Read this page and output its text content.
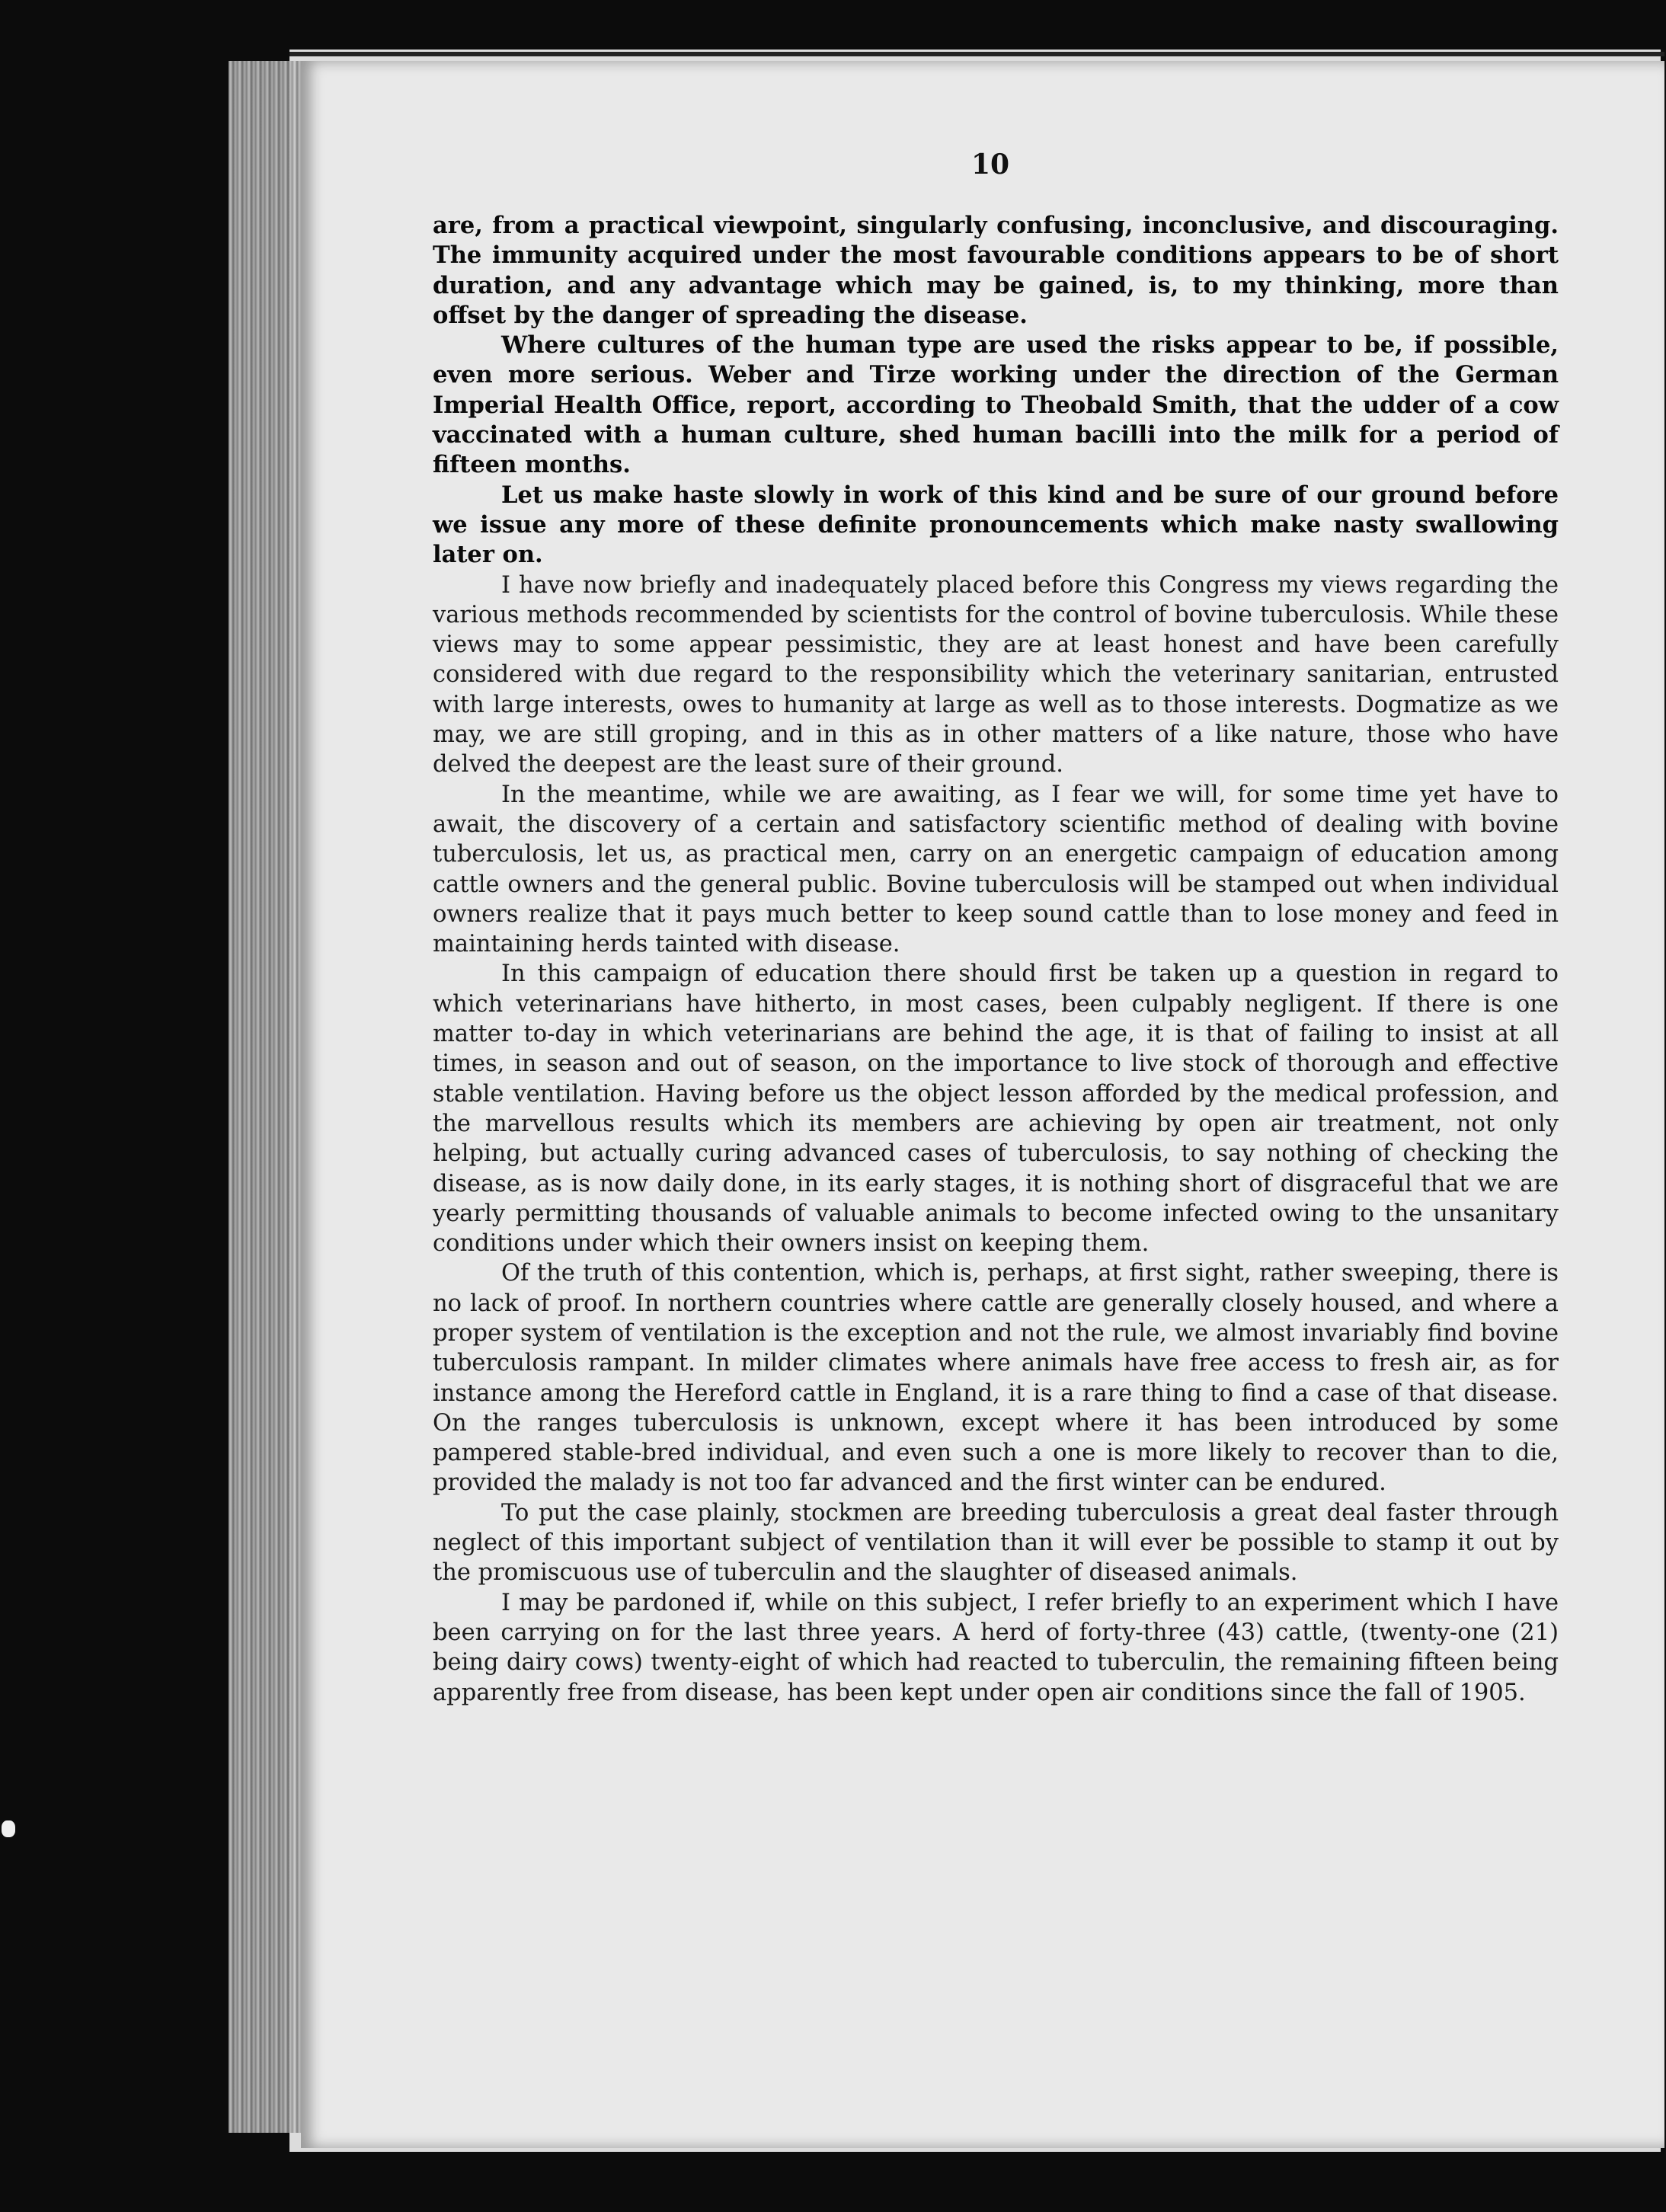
10

are, from a practical viewpoint, singularly confusing, inconclusive, and discouraging. The immunity acquired under the most favourable conditions appears to be of short duration, and any advantage which may be gained, is, to my thinking, more than offset by the danger of spreading the disease.

Where cultures of the human type are used the risks appear to be, if possible, even more serious. Weber and Tirze working under the direction of the German Imperial Health Office, report, according to Theobald Smith, that the udder of a cow vaccinated with a human culture, shed human bacilli into the milk for a period of fifteen months.

Let us make haste slowly in work of this kind and be sure of our ground before we issue any more of these definite pronouncements which make nasty swallowing later on.

I have now briefly and inadequately placed before this Congress my views regarding the various methods recommended by scientists for the control of bovine tuberculosis. While these views may to some appear pessimistic, they are at least honest and have been carefully considered with due regard to the responsibility which the veterinary sanitarian, entrusted with large interests, owes to humanity at large as well as to those interests. Dogmatize as we may, we are still groping, and in this as in other matters of a like nature, those who have delved the deepest are the least sure of their ground.

In the meantime, while we are awaiting, as I fear we will, for some time yet have to await, the discovery of a certain and satisfactory scientific method of dealing with bovine tuberculosis, let us, as practical men, carry on an energetic campaign of education among cattle owners and the general public. Bovine tuberculosis will be stamped out when individual owners realize that it pays much better to keep sound cattle than to lose money and feed in maintaining herds tainted with disease.

In this campaign of education there should first be taken up a question in regard to which veterinarians have hitherto, in most cases, been culpably negligent. If there is one matter to-day in which veterinarians are behind the age, it is that of failing to insist at all times, in season and out of season, on the importance to live stock of thorough and effective stable ventilation. Having before us the object lesson afforded by the medical profession, and the marvellous results which its members are achieving by open air treatment, not only helping, but actually curing advanced cases of tuberculosis, to say nothing of checking the disease, as is now daily done, in its early stages, it is nothing short of disgraceful that we are yearly permitting thousands of valuable animals to become infected owing to the unsanitary conditions under which their owners insist on keeping them.

Of the truth of this contention, which is, perhaps, at first sight, rather sweeping, there is no lack of proof. In northern countries where cattle are generally closely housed, and where a proper system of ventilation is the exception and not the rule, we almost invariably find bovine tuberculosis rampant. In milder climates where animals have free access to fresh air, as for instance among the Hereford cattle in England, it is a rare thing to find a case of that disease. On the ranges tuberculosis is unknown, except where it has been introduced by some pampered stable-bred individual, and even such a one is more likely to recover than to die, provided the malady is not too far advanced and the first winter can be endured.

To put the case plainly, stockmen are breeding tuberculosis a great deal faster through neglect of this important subject of ventilation than it will ever be possible to stamp it out by the promiscuous use of tuberculin and the slaughter of diseased animals.

I may be pardoned if, while on this subject, I refer briefly to an experiment which I have been carrying on for the last three years. A herd of forty-three (43) cattle, (twenty-one (21) being dairy cows) twenty-eight of which had reacted to tuberculin, the remaining fifteen being apparently free from disease, has been kept under open air conditions since the fall of 1905.
